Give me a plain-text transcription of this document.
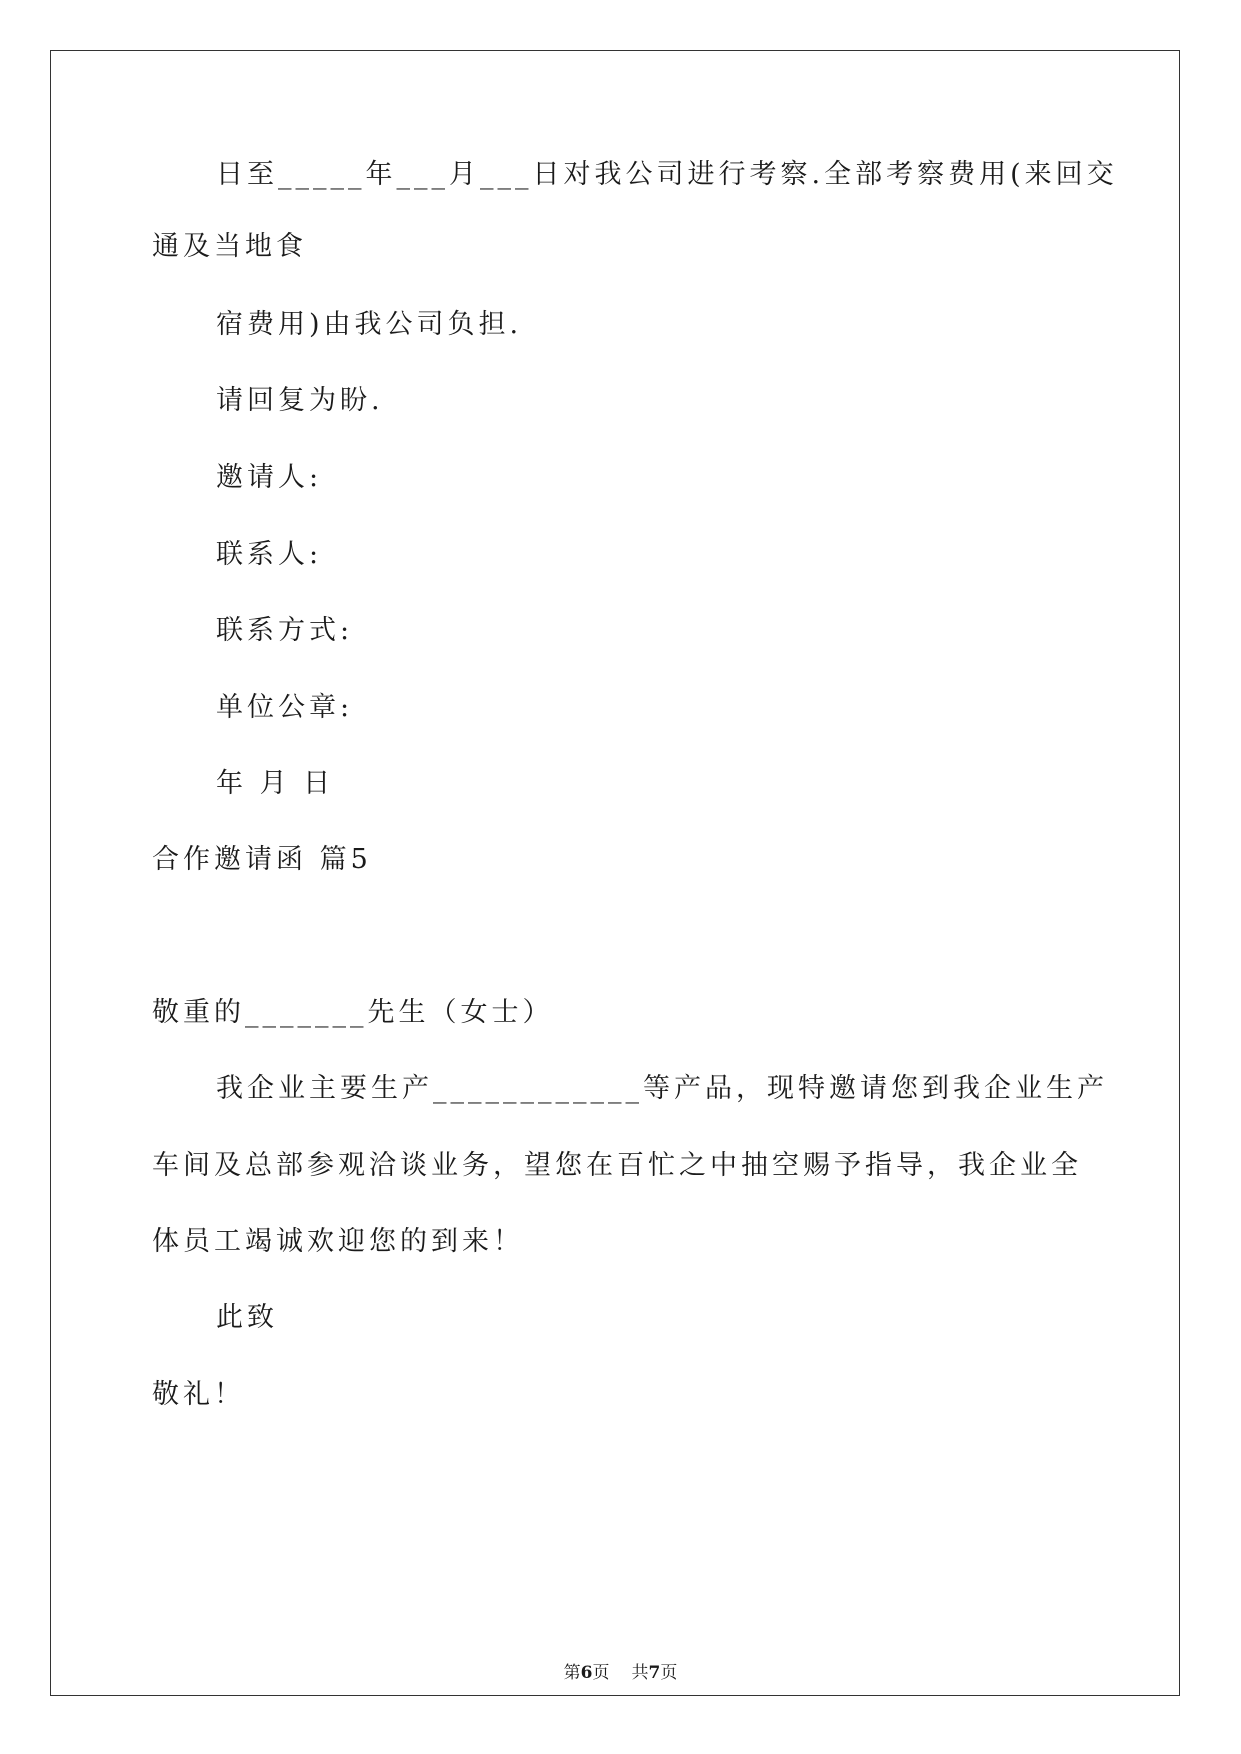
日至_____年___月___日对我公司进行考察.全部考察费用(来回交
通及当地食
宿费用)由我公司负担.
请回复为盼.
邀请人:
联系人:
联系方式:
单位公章:
年 月 日
合作邀请函 篇5
敬重的_______先生（女士）
我企业主要生产____________等产品，现特邀请您到我企业生产
车间及总部参观洽谈业务，望您在百忙之中抽空赐予指导，我企业全
体员工竭诚欢迎您的到来！
此致
敬礼！
第6页 共7页
